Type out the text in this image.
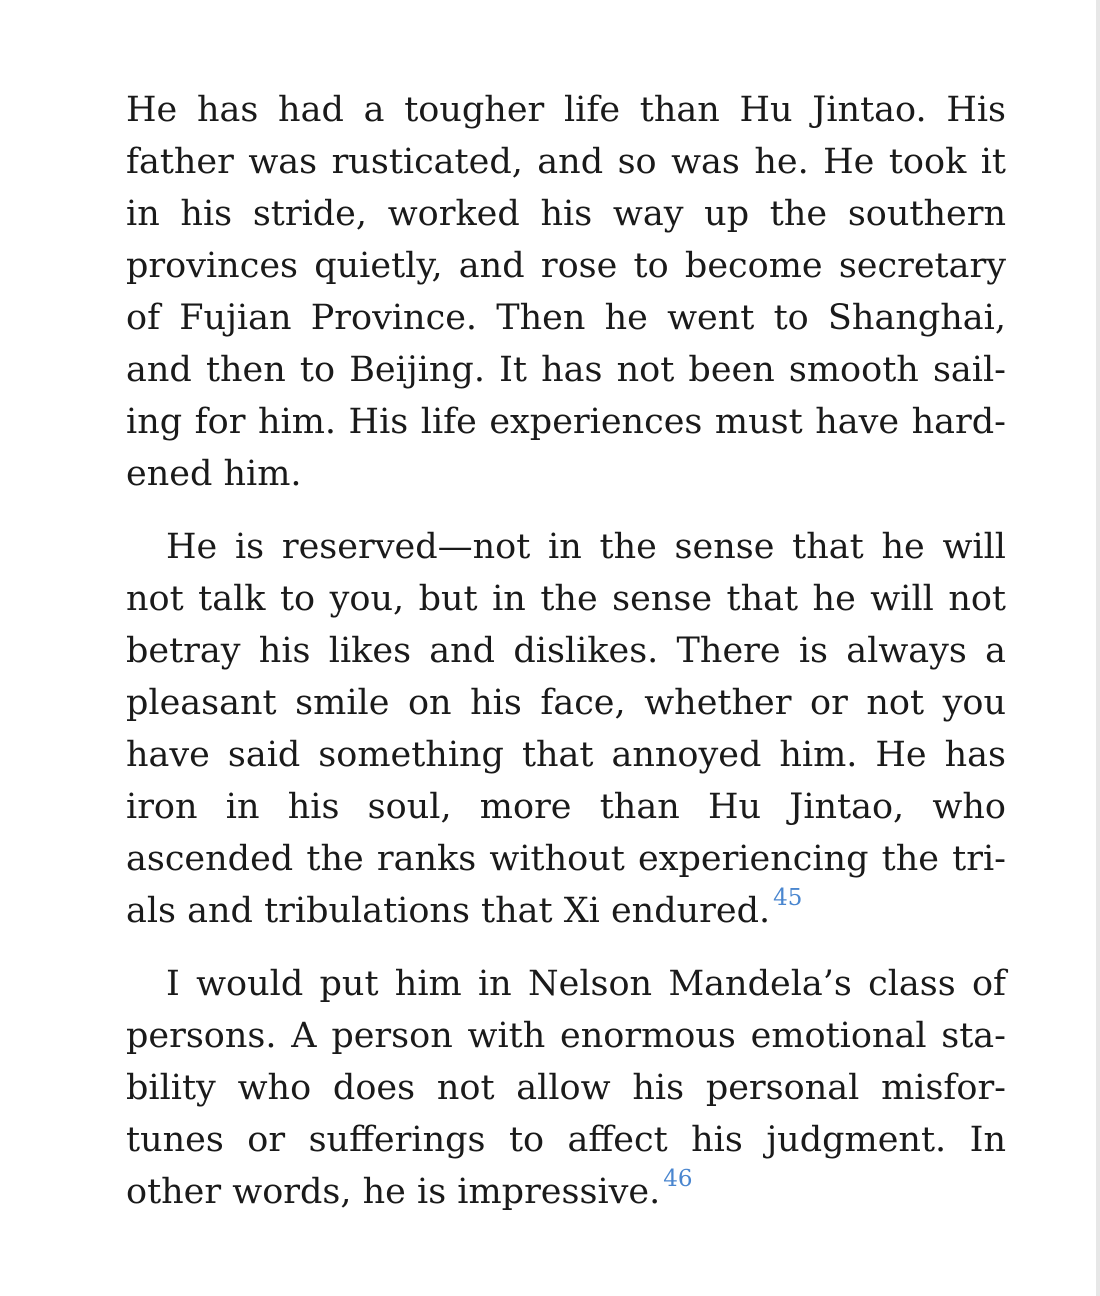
He has had a tougher life than Hu Jintao. His father was rusticated, and so was he. He took it in his stride, worked his way up the southern provinces quietly, and rose to become secretary of Fujian Province. Then he went to Shanghai, and then to Beijing. It has not been smooth sailing for him. His life experiences must have hardened him.

He is reserved—not in the sense that he will not talk to you, but in the sense that he will not betray his likes and dislikes. There is always a pleasant smile on his face, whether or not you have said something that annoyed him. He has iron in his soul, more than Hu Jintao, who ascended the ranks without experiencing the trials and tribulations that Xi endured. $^{45}$

I would put him in Nelson Mandela’s class of persons. A person with enormous emotional stability who does not allow his personal misfortunes or sufferings to affect his judgment. In other words, he is impressive. $^{46}$
